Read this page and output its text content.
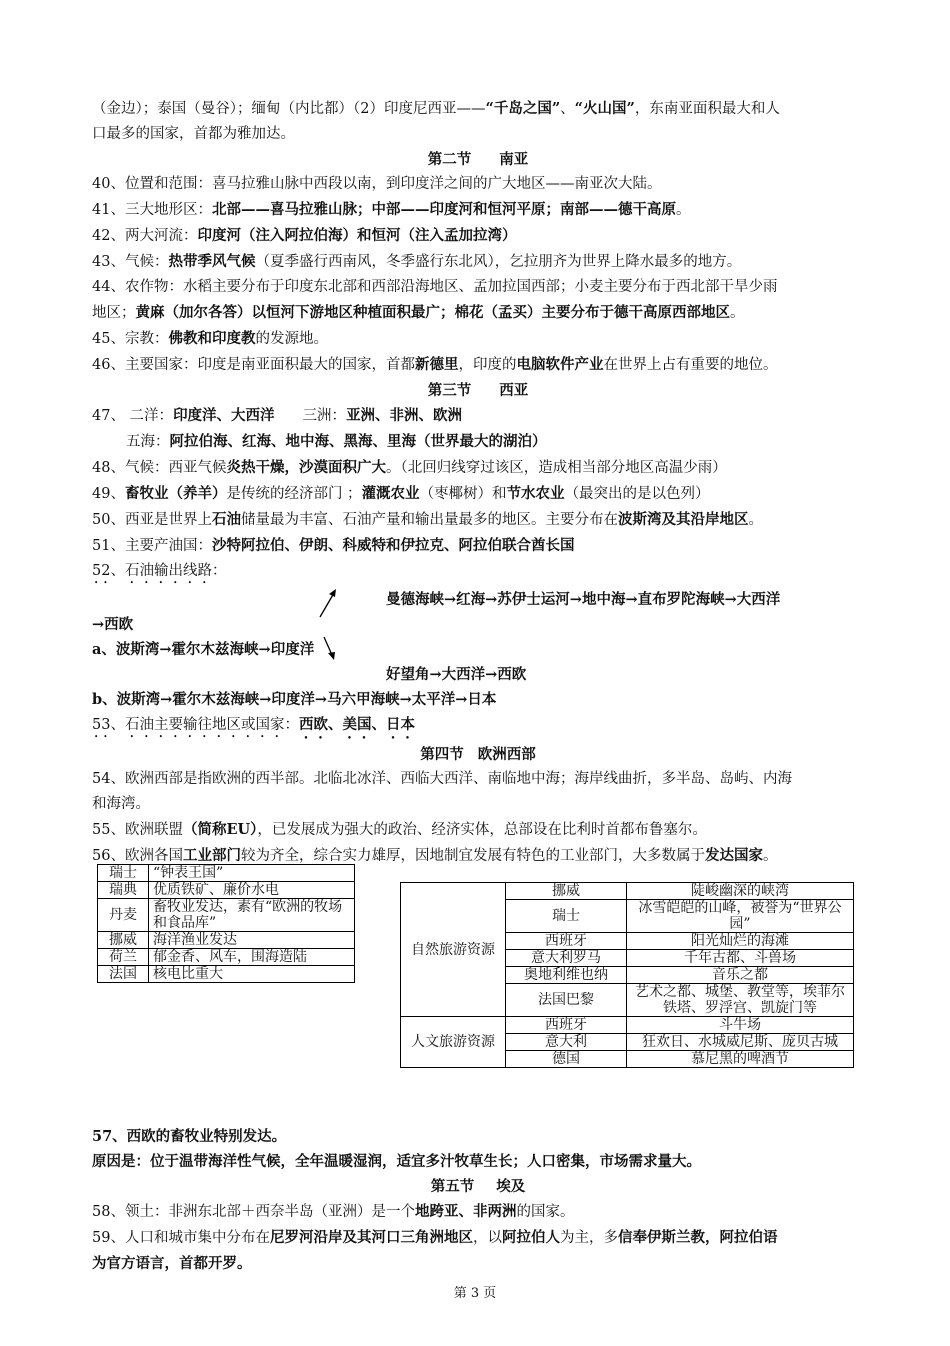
（金边）；泰国（曼谷）；缅甸（内比都）（2）印度尼西亚——“千岛之国”、“火山国”，东南亚面积最大和人
口最多的国家，首都为雅加达。
第二节 南亚
40、位置和范围：喜马拉雅山脉中西段以南，到印度洋之间的广大地区——南亚次大陆。
41、三大地形区：北部——喜马拉雅山脉；中部——印度河和恒河平原；南部——德干高原。
42、两大河流：印度河（注入阿拉伯海）和恒河（注入孟加拉湾）
43、气候：热带季风气候（夏季盛行西南风，冬季盛行东北风），乞拉朋齐为世界上降水最多的地方。
44、农作物：水稻主要分布于印度东北部和西部沿海地区、孟加拉国西部；小麦主要分布于西北部干旱少雨
地区；黄麻（加尔各答）以恒河下游地区种植面积最广；棉花（孟买）主要分布于德干高原西部地区。
45、宗教：佛教和印度教的发源地。
46、主要国家：印度是南亚面积最大的国家，首都新德里，印度的电脑软件产业在世界上占有重要的地位。
第三节 西亚
47、 二洋：印度洋、大西洋 三洲：亚洲、非洲、欧洲
五海：阿拉伯海、红海、地中海、黑海、里海（世界最大的湖泊）
48、气候：西亚气候炎热干燥，沙漠面积广大。（北回归线穿过该区，造成相当部分地区高温少雨）
49、畜牧业（养羊）是传统的经济部门 ；灌溉农业（枣椰树）和节水农业（最突出的是以色列）
50、西亚是世界上石油储量最为丰富、石油产量和输出量最多的地区。主要分布在波斯湾及其沿岸地区。
51、主要产油国：沙特阿拉伯、伊朗、科威特和伊拉克、阿拉伯联合酋长国
52、石油输出线路：
曼德海峡→红海→苏伊士运河→地中海→直布罗陀海峡→大西洋
→西欧
a、波斯湾→霍尔木兹海峡→印度洋
好望角→大西洋→西欧
b、波斯湾→霍尔木兹海峡→印度洋→马六甲海峡→太平洋→日本
53、石油主要输往地区或国家：西欧、美国、日本
第四节 欧洲西部
54、欧洲西部是指欧洲的西半部。北临北冰洋、西临大西洋、南临地中海；海岸线曲折，多半岛、岛屿、内海
和海湾。
55、欧洲联盟（简称EU），已发展成为强大的政治、经济实体，总部设在比利时首都布鲁塞尔。
56、欧洲各国工业部门较为齐全，综合实力雄厚，因地制宜发展有特色的工业部门，大多数属于发达国家。
57、西欧的畜牧业特别发达。
原因是：位于温带海洋性气候，全年温暖湿润，适宜多汁牧草生长；人口密集，市场需求量大。
第五节 埃及
58、领土：非洲东北部＋西奈半岛（亚洲）是一个地跨亚、非两洲的国家。
59、人口和城市集中分布在尼罗河沿岸及其河口三角洲地区，以阿拉伯人为主，多信奉伊斯兰教，阿拉伯语
为官方语言，首都开罗。
瑞士	“钟表王国”
瑞典	优质铁矿、廉价水电
丹麦	畜牧业发达，素有“欧洲的牧场和食品库”
挪威	海洋渔业发达
荷兰	郁金香、风车，围海造陆
法国	核电比重大
自然旅游资源	挪威	陡峻幽深的峡湾
	瑞士	冰雪皑皑的山峰，被誉为“世界公园”
	西班牙	阳光灿烂的海滩
	意大利罗马	千年古都、斗兽场
	奥地利维也纳	音乐之都
	法国巴黎	艺术之都、城堡、教堂等，埃菲尔铁塔、罗浮宫、凯旋门等
人文旅游资源	西班牙	斗牛场
	意大利	狂欢日、水城威尼斯、庞贝古城
	德国	慕尼黑的啤酒节
第 3 页
